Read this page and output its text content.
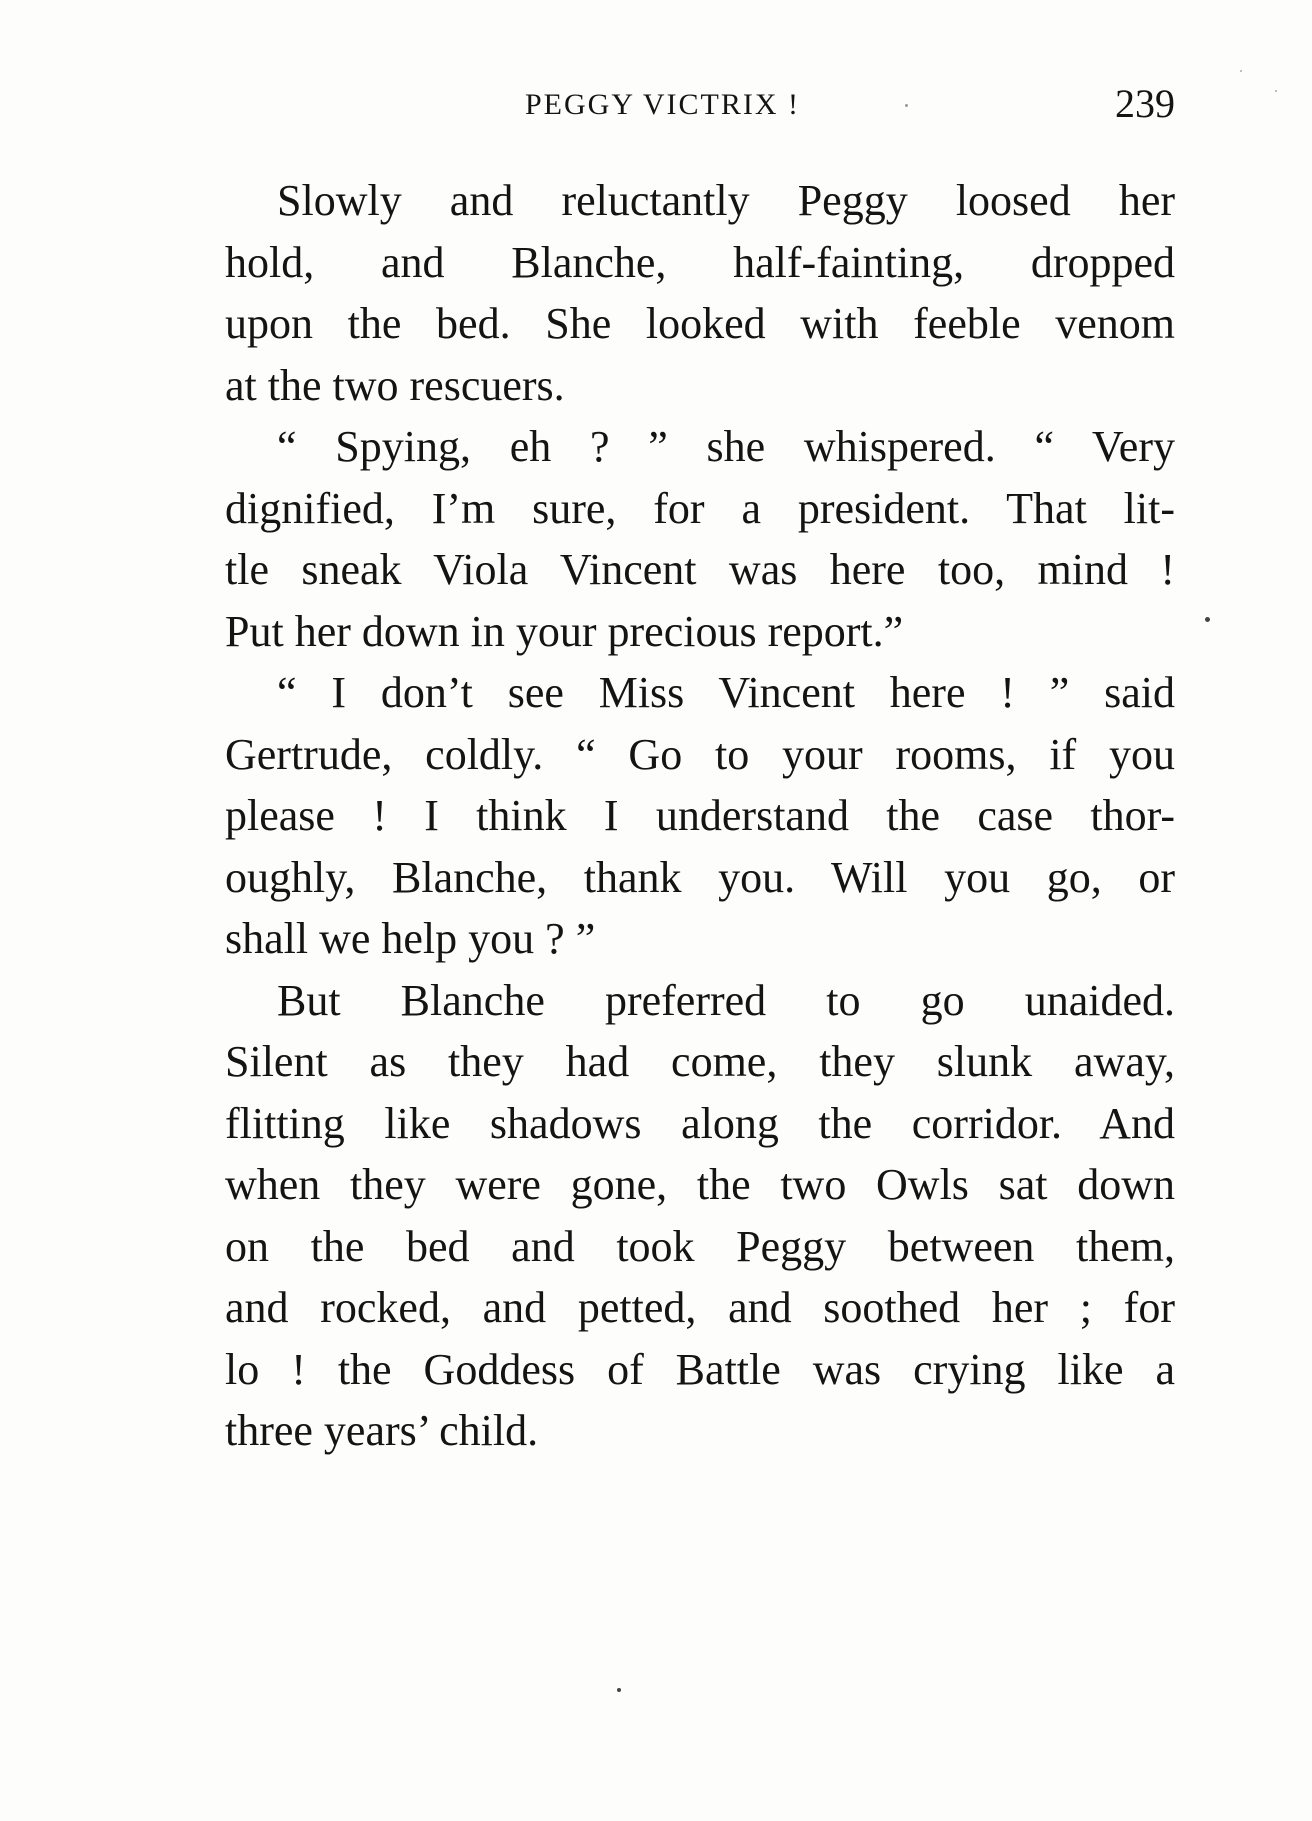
PEGGY VICTRIX !	239

Slowly and reluctantly Peggy loosed her
hold, and Blanche, half-fainting, dropped
upon the bed. She looked with feeble venom
at the two rescuers.

“ Spying, eh ? ” she whispered. “ Very
dignified, I’m sure, for a president. That lit-
tle sneak Viola Vincent was here too, mind !
Put her down in your precious report.”

“ I don’t see Miss Vincent here ! ” said
Gertrude, coldly. “ Go to your rooms, if you
please ! I think I understand the case thor-
oughly, Blanche, thank you. Will you go, or
shall we help you ? ”

But Blanche preferred to go unaided.
Silent as they had come, they slunk away,
flitting like shadows along the corridor. And
when they were gone, the two Owls sat down
on the bed and took Peggy between them,
and rocked, and petted, and soothed her ; for
lo ! the Goddess of Battle was crying like a
three years’ child.
